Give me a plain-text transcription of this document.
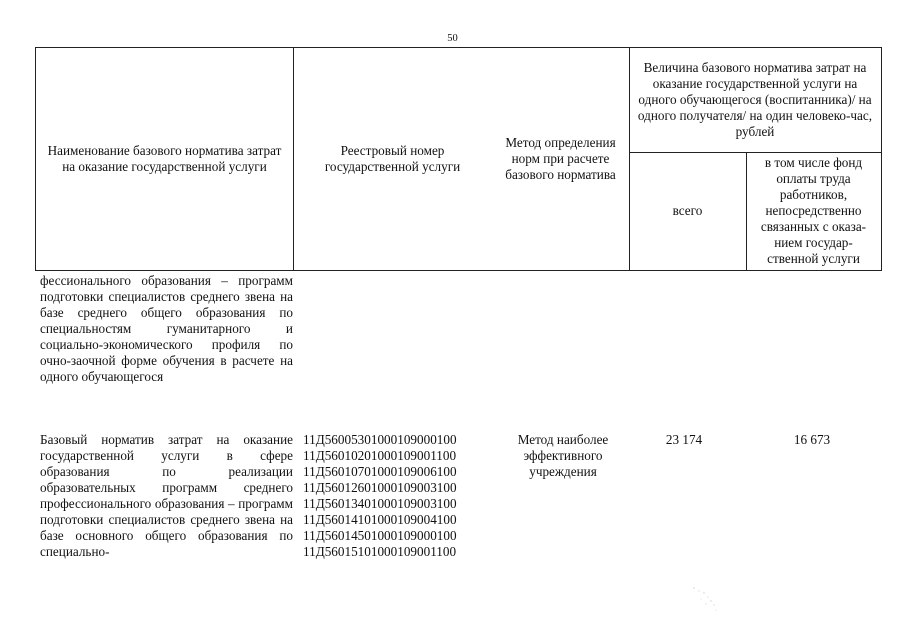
50
Наименование базового норматива затрат на оказание государственной услуги
Реестровый номер государственной услуги
Метод определения норм при расчете базового норматива
Величина базового норматива затрат на оказание государственной услуги на одного обучающегося (воспитанника)/ на одного получателя/ на один человеко-час, рублей
всего
в том числе фонд оплаты труда работников, непосредственно связанных с оказа-нием государ-ственной услуги
фессионального образования – программ подготовки специалистов среднего звена на базе среднего общего образования по специальностям гуманитарного и социально-экономического профиля по очно-заочной форме обучения в расчете на одного обучающегося
Базовый норматив затрат на оказание государственной услуги в сфере образования по реализации образовательных программ среднего профессионального образования – программ подготовки специалистов среднего звена на базе основного общего образования по специально-
11Д56005301000109000100
11Д56010201000109001100
11Д56010701000109006100
11Д56012601000109003100
11Д56013401000109003100
11Д56014101000109004100
11Д56014501000109000100
11Д56015101000109001100
Метод наиболее эффективного учреждения
23 174	16 673
